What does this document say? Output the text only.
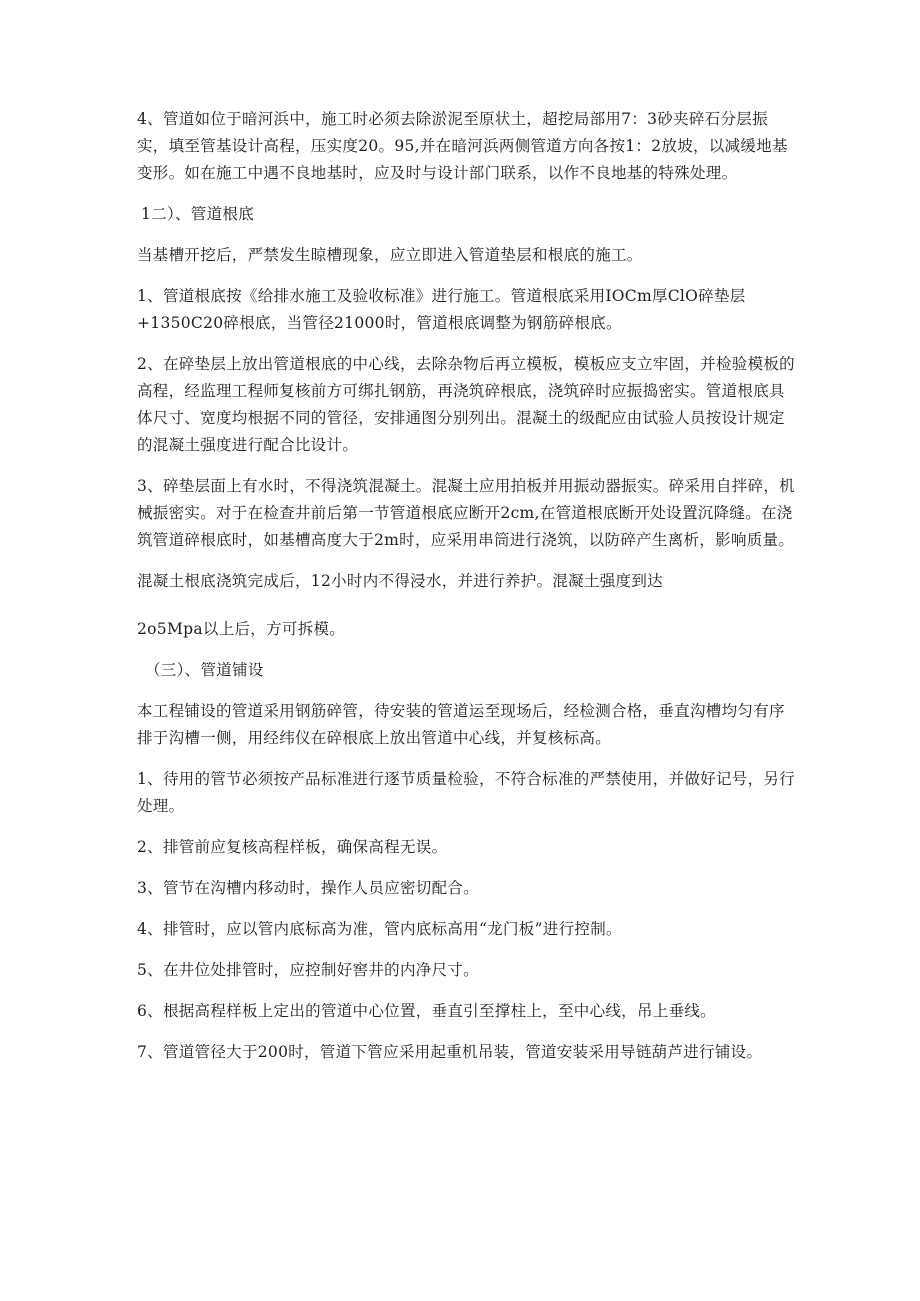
4、管道如位于暗河浜中，施工时必须去除淤泥至原状土，超挖局部用7：3砂夹碎石分层振实，填至管基设计高程，压实度20。95,并在暗河浜两侧管道方向各按1：2放坡，以减缓地基变形。如在施工中遇不良地基时，应及时与设计部门联系，以作不良地基的特殊处理。

1二）、管道根底

当基槽开挖后，严禁发生晾槽现象，应立即进入管道垫层和根底的施工。

1、管道根底按《给排水施工及验收标准》进行施工。管道根底采用IOCm厚ClO碎垫层+1350C20碎根底，当管径21000时，管道根底调整为钢筋碎根底。

2、在碎垫层上放出管道根底的中心线，去除杂物后再立模板，模板应支立牢固，并检验模板的高程，经监理工程师复核前方可绑扎钢筋，再浇筑碎根底，浇筑碎时应振捣密实。管道根底具体尺寸、宽度均根据不同的管径，安排通图分别列出。混凝土的级配应由试验人员按设计规定的混凝土强度进行配合比设计。

3、碎垫层面上有水时，不得浇筑混凝土。混凝土应用拍板并用振动器振实。碎采用自拌碎，机械振密实。对于在检查井前后第一节管道根底应断开2cm,在管道根底断开处设置沉降缝。在浇筑管道碎根底时，如基槽高度大于2m时，应采用串筒进行浇筑，以防碎产生离析，影响质量。

混凝土根底浇筑完成后，12小时内不得浸水，并进行养护。混凝土强度到达

2o5Mpa以上后，方可拆模。

（三）、管道铺设

本工程铺设的管道采用钢筋碎管，待安装的管道运至现场后，经检测合格，垂直沟槽均匀有序排于沟槽一侧，用经纬仪在碎根底上放出管道中心线，并复核标高。

1、待用的管节必须按产品标准进行逐节质量检验，不符合标准的严禁使用，并做好记号，另行处理。

2、排管前应复核高程样板，确保高程无误。

3、管节在沟槽内移动时，操作人员应密切配合。

4、排管时，应以管内底标高为准，管内底标高用“龙门板”进行控制。

5、在井位处排管时，应控制好窖井的内净尺寸。

6、根据高程样板上定出的管道中心位置，垂直引至撑柱上，至中心线，吊上垂线。

7、管道管径大于200时，管道下管应采用起重机吊装，管道安装采用导链葫芦进行铺设。
